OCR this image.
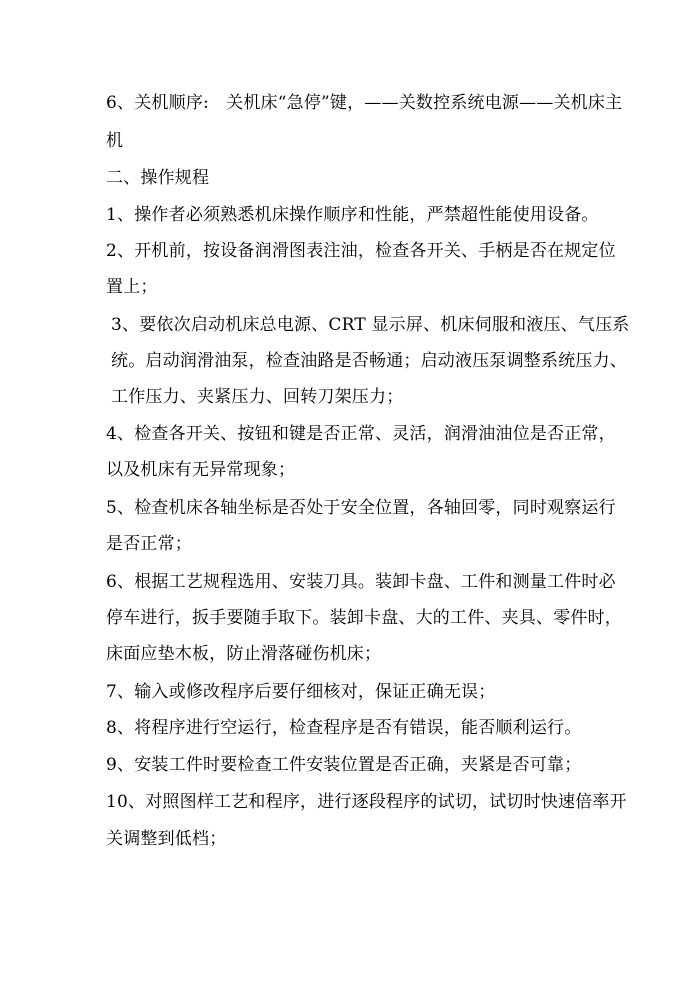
6、关机顺序:　关机床“急停”键，——关数控系统电源——关机床主
机
二、操作规程
1、操作者必须熟悉机床操作顺序和性能，严禁超性能使用设备。
2、开机前，按设备润滑图表注油，检查各开关、手柄是否在规定位
置上；
3、要依次启动机床总电源、CRT 显示屏、机床伺服和液压、气压系
统。启动润滑油泵，检查油路是否畅通；启动液压泵调整系统压力、
工作压力、夹紧压力、回转刀架压力；
4、检查各开关、按钮和键是否正常、灵活，润滑油油位是否正常，
以及机床有无异常现象；
5、检查机床各轴坐标是否处于安全位置，各轴回零，同时观察运行
是否正常；
6、根据工艺规程选用、安装刀具。装卸卡盘、工件和测量工件时必
停车进行，扳手要随手取下。装卸卡盘、大的工件、夹具、零件时，
床面应垫木板，防止滑落碰伤机床；
7、输入或修改程序后要仔细核对，保证正确无误；
8、将程序进行空运行，检查程序是否有错误，能否顺利运行。
9、安装工件时要检查工件安装位置是否正确，夹紧是否可靠；
10、对照图样工艺和程序，进行逐段程序的试切，试切时快速倍率开
关调整到低档；
